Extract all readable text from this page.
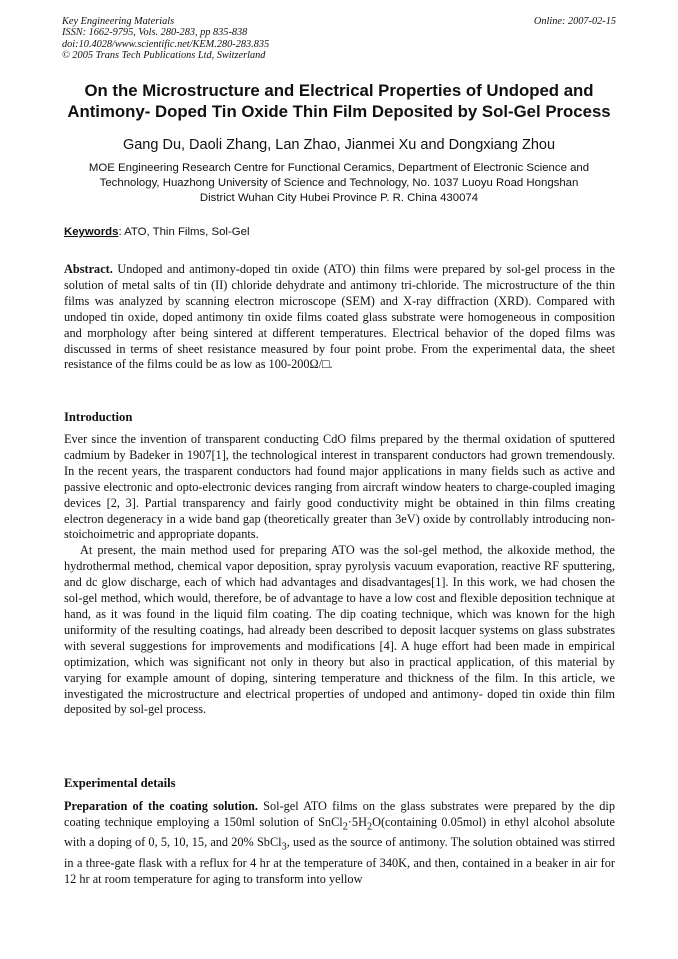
Key Engineering Materials
ISSN: 1662-9795, Vols. 280-283, pp 835-838
doi:10.4028/www.scientific.net/KEM.280-283.835
© 2005 Trans Tech Publications Ltd, Switzerland
Online: 2007-02-15
On the Microstructure and Electrical Properties of Undoped and
Antimony- Doped Tin Oxide Thin Film Deposited by Sol-Gel Process
Gang Du, Daoli Zhang, Lan Zhao, Jianmei Xu and Dongxiang Zhou
MOE Engineering Research Centre for Functional Ceramics, Department of Electronic Science and
Technology, Huazhong University of Science and Technology, No. 1037 Luoyu Road Hongshan
District Wuhan City Hubei Province P. R. China 430074
Keywords: ATO, Thin Films, Sol-Gel
Abstract. Undoped and antimony-doped tin oxide (ATO) thin films were prepared by sol-gel process in the solution of metal salts of tin (II) chloride dehydrate and antimony tri-chloride. The microstructure of the thin films was analyzed by scanning electron microscope (SEM) and X-ray diffraction (XRD). Compared with undoped tin oxide, doped antimony tin oxide films coated glass substrate were homogeneous in composition and morphology after being sintered at different temperatures. Electrical behavior of the doped films was discussed in terms of sheet resistance measured by four point probe. From the experimental data, the sheet resistance of the films could be as low as 100-200Ω/□.
Introduction

Ever since the invention of transparent conducting CdO films prepared by the thermal oxidation of sputtered cadmium by Badeker in 1907[1], the technological interest in transparent conductors had grown tremendously. In the recent years, the trasparent conductors had found major applications in many fields such as active and passive electronic and opto-electronic devices ranging from aircraft window heaters to charge-coupled imaging devices [2, 3]. Partial transparency and fairly good conductivity might be obtained in thin films creating electron degeneracy in a wide band gap (theoretically greater than 3eV) oxide by controllably introducing non-stoichoimetric and appropriate dopants.

At present, the main method used for preparing ATO was the sol-gel method, the alkoxide method, the hydrothermal method, chemical vapor deposition, spray pyrolysis vacuum evaporation, reactive RF sputtering, and dc glow discharge, each of which had advantages and disadvantages[1]. In this work, we had chosen the sol-gel method, which would, therefore, be of advantage to have a low cost and flexible deposition technique at hand, as it was found in the liquid film coating. The dip coating technique, which was known for the high uniformity of the resulting coatings, had already been described to deposit lacquer systems on glass substrates with several suggestions for improvements and modifications [4]. A huge effort had been made in empirical optimization, which was significant not only in theory but also in practical application, of this material by varying for example amount of doping, sintering temperature and thickness of the film. In this article, we investigated the microstructure and electrical properties of undoped and antimony- doped tin oxide thin film deposited by sol-gel process.

Experimental details
Preparation of the coating solution. Sol-gel ATO films on the glass substrates were prepared by the dip coating technique employing a 150ml solution of $SnCl_2\cdot 5H_2O(containing$ 0.05mol) in ethyl alcohol absolute with a doping of 0, 5, 10, 15, and 20% SbCl$_3$, used as the source of antimony. The solution obtained was stirred in a three-gate flask with a reflux for 4 hr at the temperature of 340K, and then, contained in a beaker in air for 12 hr at room temperature for aging to transform into yellow
